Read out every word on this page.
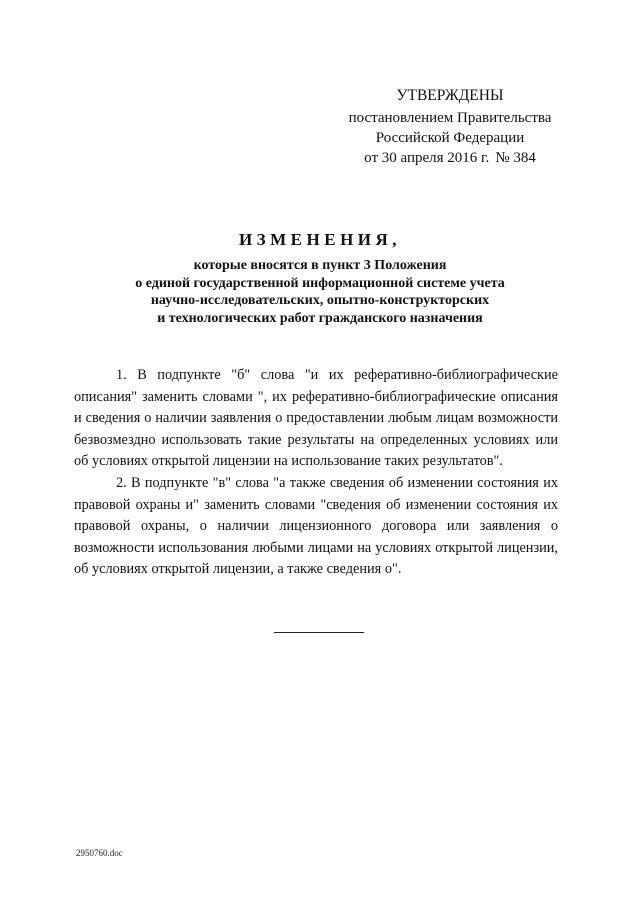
УТВЕРЖДЕНЫ
постановлением Правительства
Российской Федерации
от 30 апреля 2016 г. № 384
ИЗМЕНЕНИЯ,
которые вносятся в пункт 3 Положения
о единой государственной информационной системе учета
научно-исследовательских, опытно-конструкторских
и технологических работ гражданского назначения

1. В подпункте "б" слова "и их реферативно-библиографические описания" заменить словами ", их реферативно-библиографические описания и сведения о наличии заявления о предоставлении любым лицам возможности безвозмездно использовать такие результаты на определенных условиях или об условиях открытой лицензии на использование таких результатов".

2. В подпункте "в" слова "а также сведения об изменении состояния их правовой охраны и" заменить словами "сведения об изменении состояния их правовой охраны, о наличии лицензионного договора или заявления о возможности использования любыми лицами на условиях открытой лицензии, об условиях открытой лицензии, а также сведения о".

2950760.doc
